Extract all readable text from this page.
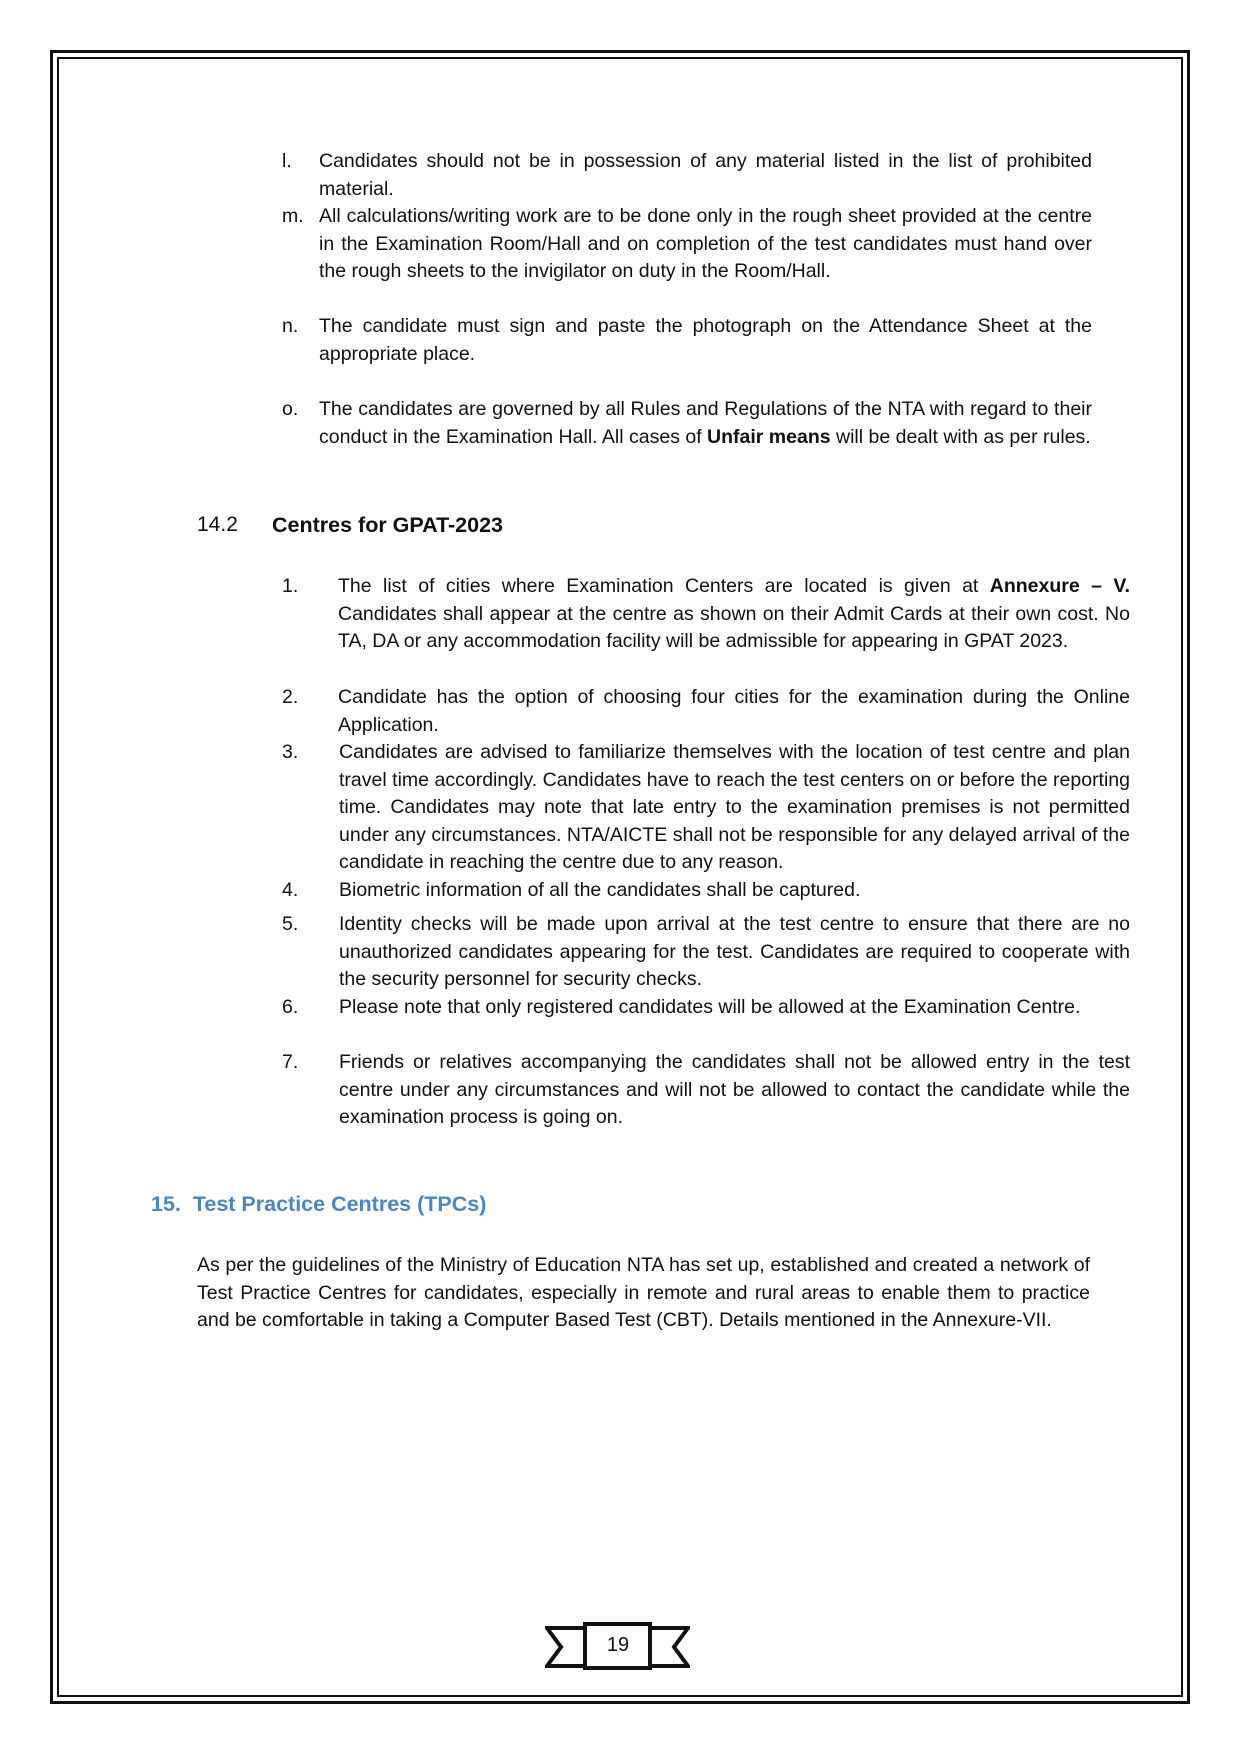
l. Candidates should not be in possession of any material listed in the list of prohibited material.
m. All calculations/writing work are to be done only in the rough sheet provided at the centre in the Examination Room/Hall and on completion of the test candidates must hand over the rough sheets to the invigilator on duty in the Room/Hall.
n. The candidate must sign and paste the photograph on the Attendance Sheet at the appropriate place.
o. The candidates are governed by all Rules and Regulations of the NTA with regard to their conduct in the Examination Hall. All cases of Unfair means will be dealt with as per rules.
14.2 Centres for GPAT-2023
1. The list of cities where Examination Centers are located is given at Annexure – V. Candidates shall appear at the centre as shown on their Admit Cards at their own cost. No TA, DA or any accommodation facility will be admissible for appearing in GPAT 2023.
2. Candidate has the option of choosing four cities for the examination during the Online Application.
3. Candidates are advised to familiarize themselves with the location of test centre and plan travel time accordingly. Candidates have to reach the test centers on or before the reporting time. Candidates may note that late entry to the examination premises is not permitted under any circumstances. NTA/AICTE shall not be responsible for any delayed arrival of the candidate in reaching the centre due to any reason.
4. Biometric information of all the candidates shall be captured.
5. Identity checks will be made upon arrival at the test centre to ensure that there are no unauthorized candidates appearing for the test. Candidates are required to cooperate with the security personnel for security checks.
6. Please note that only registered candidates will be allowed at the Examination Centre.
7. Friends or relatives accompanying the candidates shall not be allowed entry in the test centre under any circumstances and will not be allowed to contact the candidate while the examination process is going on.
15.  Test Practice Centres (TPCs)
As per the guidelines of the Ministry of Education NTA has set up, established and created a network of Test Practice Centres for candidates, especially in remote and rural areas to enable them to practice and be comfortable in taking a Computer Based Test (CBT). Details mentioned in the Annexure-VII.
19
